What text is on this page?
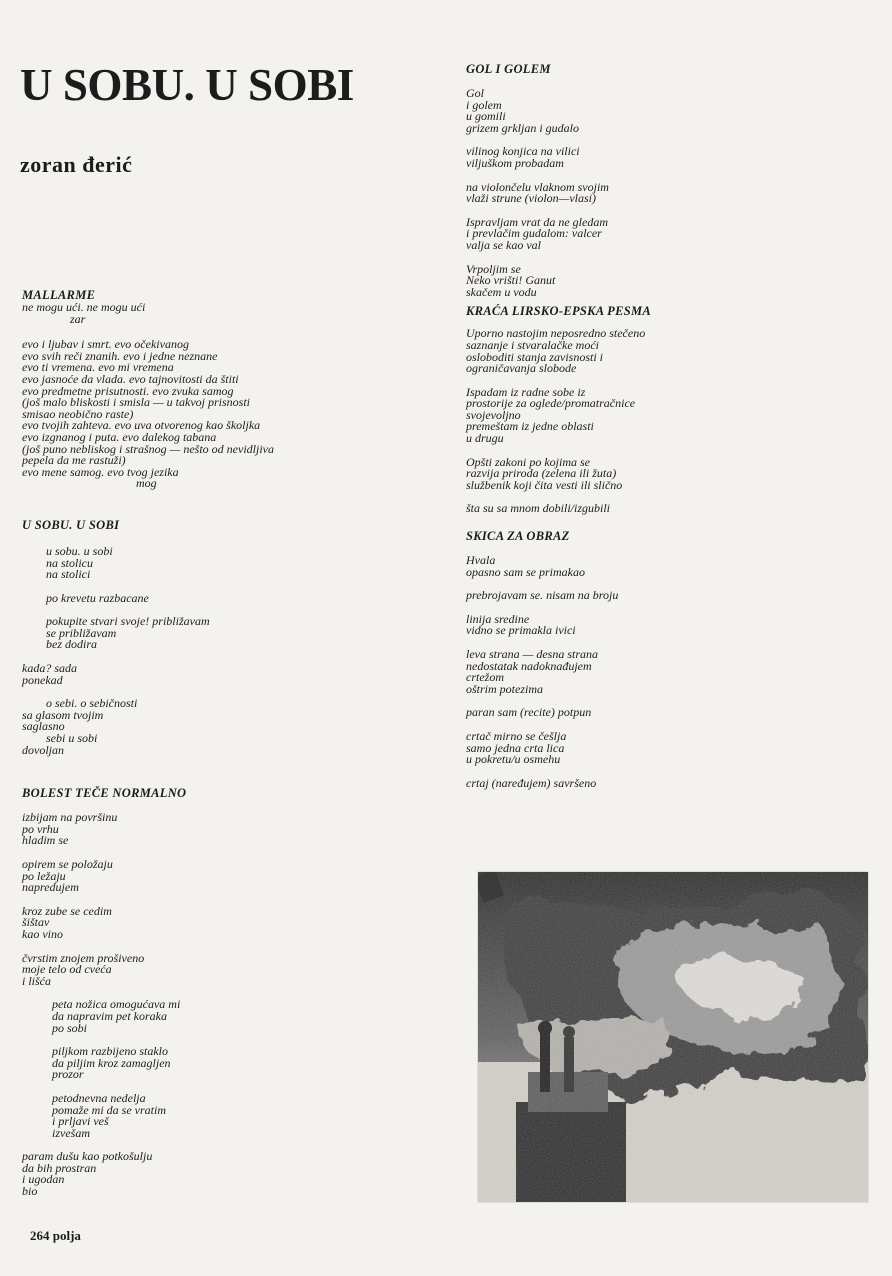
U SOBU. U SOBI
zoran đerić
MALLARME
ne mogu ući. ne mogu ući
zar
evo i ljubav i smrt. evo očekivanog
evo svih reči znanih. evo i jedne neznane
evo ti vremena. evo mi vremena
evo jasnoće da vlada. evo tajnovitosti da štiti
evo predmetne prisutnosti. evo zvuka samog
(još malo bliskosti i smisla — u takvoj prisnosti
smisao neobično raste)
evo tvojih zahteva. evo uva otvorenog kao školjka
evo izgnanog i puta. evo dalekog tabana
(još puno nebliskog i strašnog — nešto od nevidljiva
pepela da me rastuži)
evo mene samog. evo tvog jezika
mog
U SOBU. U SOBI
u sobu. u sobi
na stolicu
na stolici
po krevetu razbacane
pokupite stvari svoje! približavam
se približavam
bez dodira
kada? sada
ponekad
o sebi. o sebičnosti
sa glasom tvojim
saglasno
sebi u sobi
dovoljan
BOLEST TEČE NORMALNO
izbijam na površinu
po vrhu
hladim se
opirem se položaju
po ležaju
napredujem
kroz zube se cedim
šištav
kao vino
čvrstim znojem prošiveno
moje telo od cveća
i lišća
peta nožica omogućava mi
da napravim pet koraka
po sobi
piljkom razbijeno staklo
da piljim kroz zamagljen
prozor
petodnevna nedelja
pomaže mi da se vratim
i prljavi veš
izvešam
param dušu kao potkošulju
da bih prostran
i ugodan
bio
GOL I GOLEM
Gol
i golem
u gomili
grizem grkljan i gudalo
vilinog konjica na vilici
viljuškom probadam
na violončelu vlaknom svojim
vlaži strune (violon—vlasi)
Ispravljam vrat da ne gledam
i prevlačim gudalom: valcer
valja se kao val
Vrpoljim se
Neko vrišti! Ganut
skačem u vodu
KRAĆA LIRSKO-EPSKA PESMA
Uporno nastojim neposredno stečeno
saznanje i stvaralačke moći
osloboditi stanja zavisnosti i
ograničavanja slobode
Ispadam iz radne sobe iz
prostorije za oglede/promatračnice
svojevoljno
premeštam iz jedne oblasti
u drugu
Opšti zakoni po kojima se
razvija priroda (zelena ili žuta)
službenik koji čita vesti ili slično
šta su sa mnom dobili/izgubili
SKICA ZA OBRAZ
Hvala
opasno sam se primakao
prebrojavam se. nisam na broju
linija sredine
vidno se primakla ivici
leva strana — desna strana
nedostatak nadoknađujem
crtežom
oštrim potezima
paran sam (recite) potpun
crtač mirno se češlja
samo jedna crta lica
u pokretu/u osmehu
crtaj (naređujem) savršeno

264 polja
